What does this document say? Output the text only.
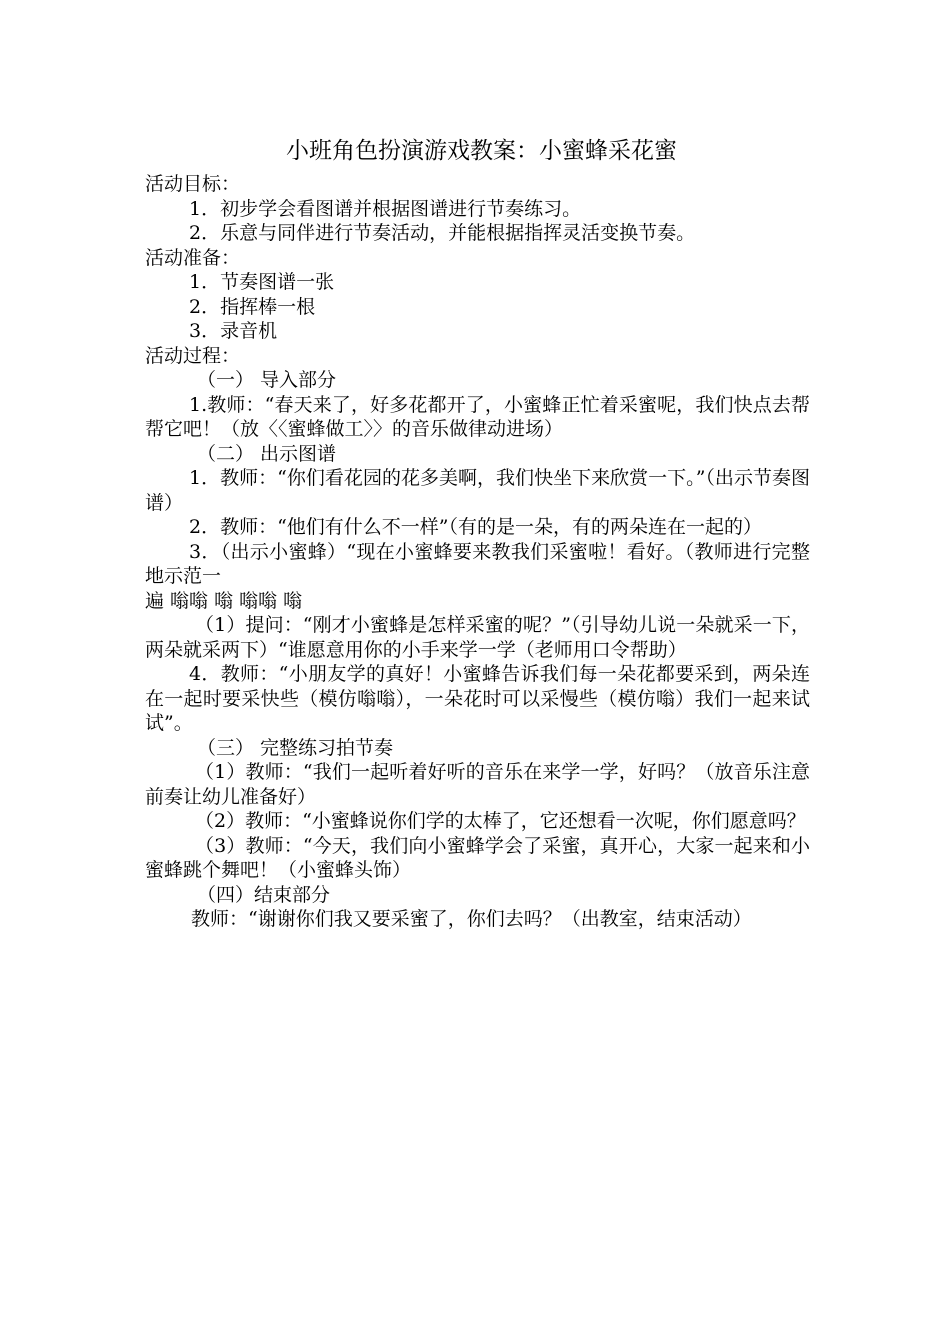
小班角色扮演游戏教案：小蜜蜂采花蜜
活动目标：
1．初步学会看图谱并根据图谱进行节奏练习。
2．乐意与同伴进行节奏活动，并能根据指挥灵活变换节奏。
活动准备：
1．节奏图谱一张
2．指挥棒一根
3．录音机
活动过程：
（一） 导入部分
1.教师：“春天来了，好多花都开了，小蜜蜂正忙着采蜜呢，我们快点去帮帮它吧！（放〈〈蜜蜂做工〉〉的音乐做律动进场）
（二） 出示图谱
1．教师：“你们看花园的花多美啊，我们快坐下来欣赏一下。”（出示节奏图谱）
2．教师：“他们有什么不一样”（有的是一朵，有的两朵连在一起的）
3．（出示小蜜蜂）“现在小蜜蜂要来教我们采蜜啦！看好。（教师进行完整地示范一
遍 嗡嗡 嗡 嗡嗡 嗡
（1）提问：“刚才小蜜蜂是怎样采蜜的呢？”（引导幼儿说一朵就采一下，两朵就采两下）“谁愿意用你的小手来学一学（老师用口令帮助）
4．教师：“小朋友学的真好！小蜜蜂告诉我们每一朵花都要采到，两朵连在一起时要采快些（模仿嗡嗡），一朵花时可以采慢些（模仿嗡）我们一起来试试”。
（三） 完整练习拍节奏
（1）教师：“我们一起听着好听的音乐在来学一学，好吗？（放音乐注意前奏让幼儿准备好）
（2）教师：“小蜜蜂说你们学的太棒了，它还想看一次呢，你们愿意吗？
（3）教师：“今天，我们向小蜜蜂学会了采蜜，真开心，大家一起来和小蜜蜂跳个舞吧！（小蜜蜂头饰）
（四）结束部分
教师：“谢谢你们我又要采蜜了，你们去吗？（出教室，结束活动）
